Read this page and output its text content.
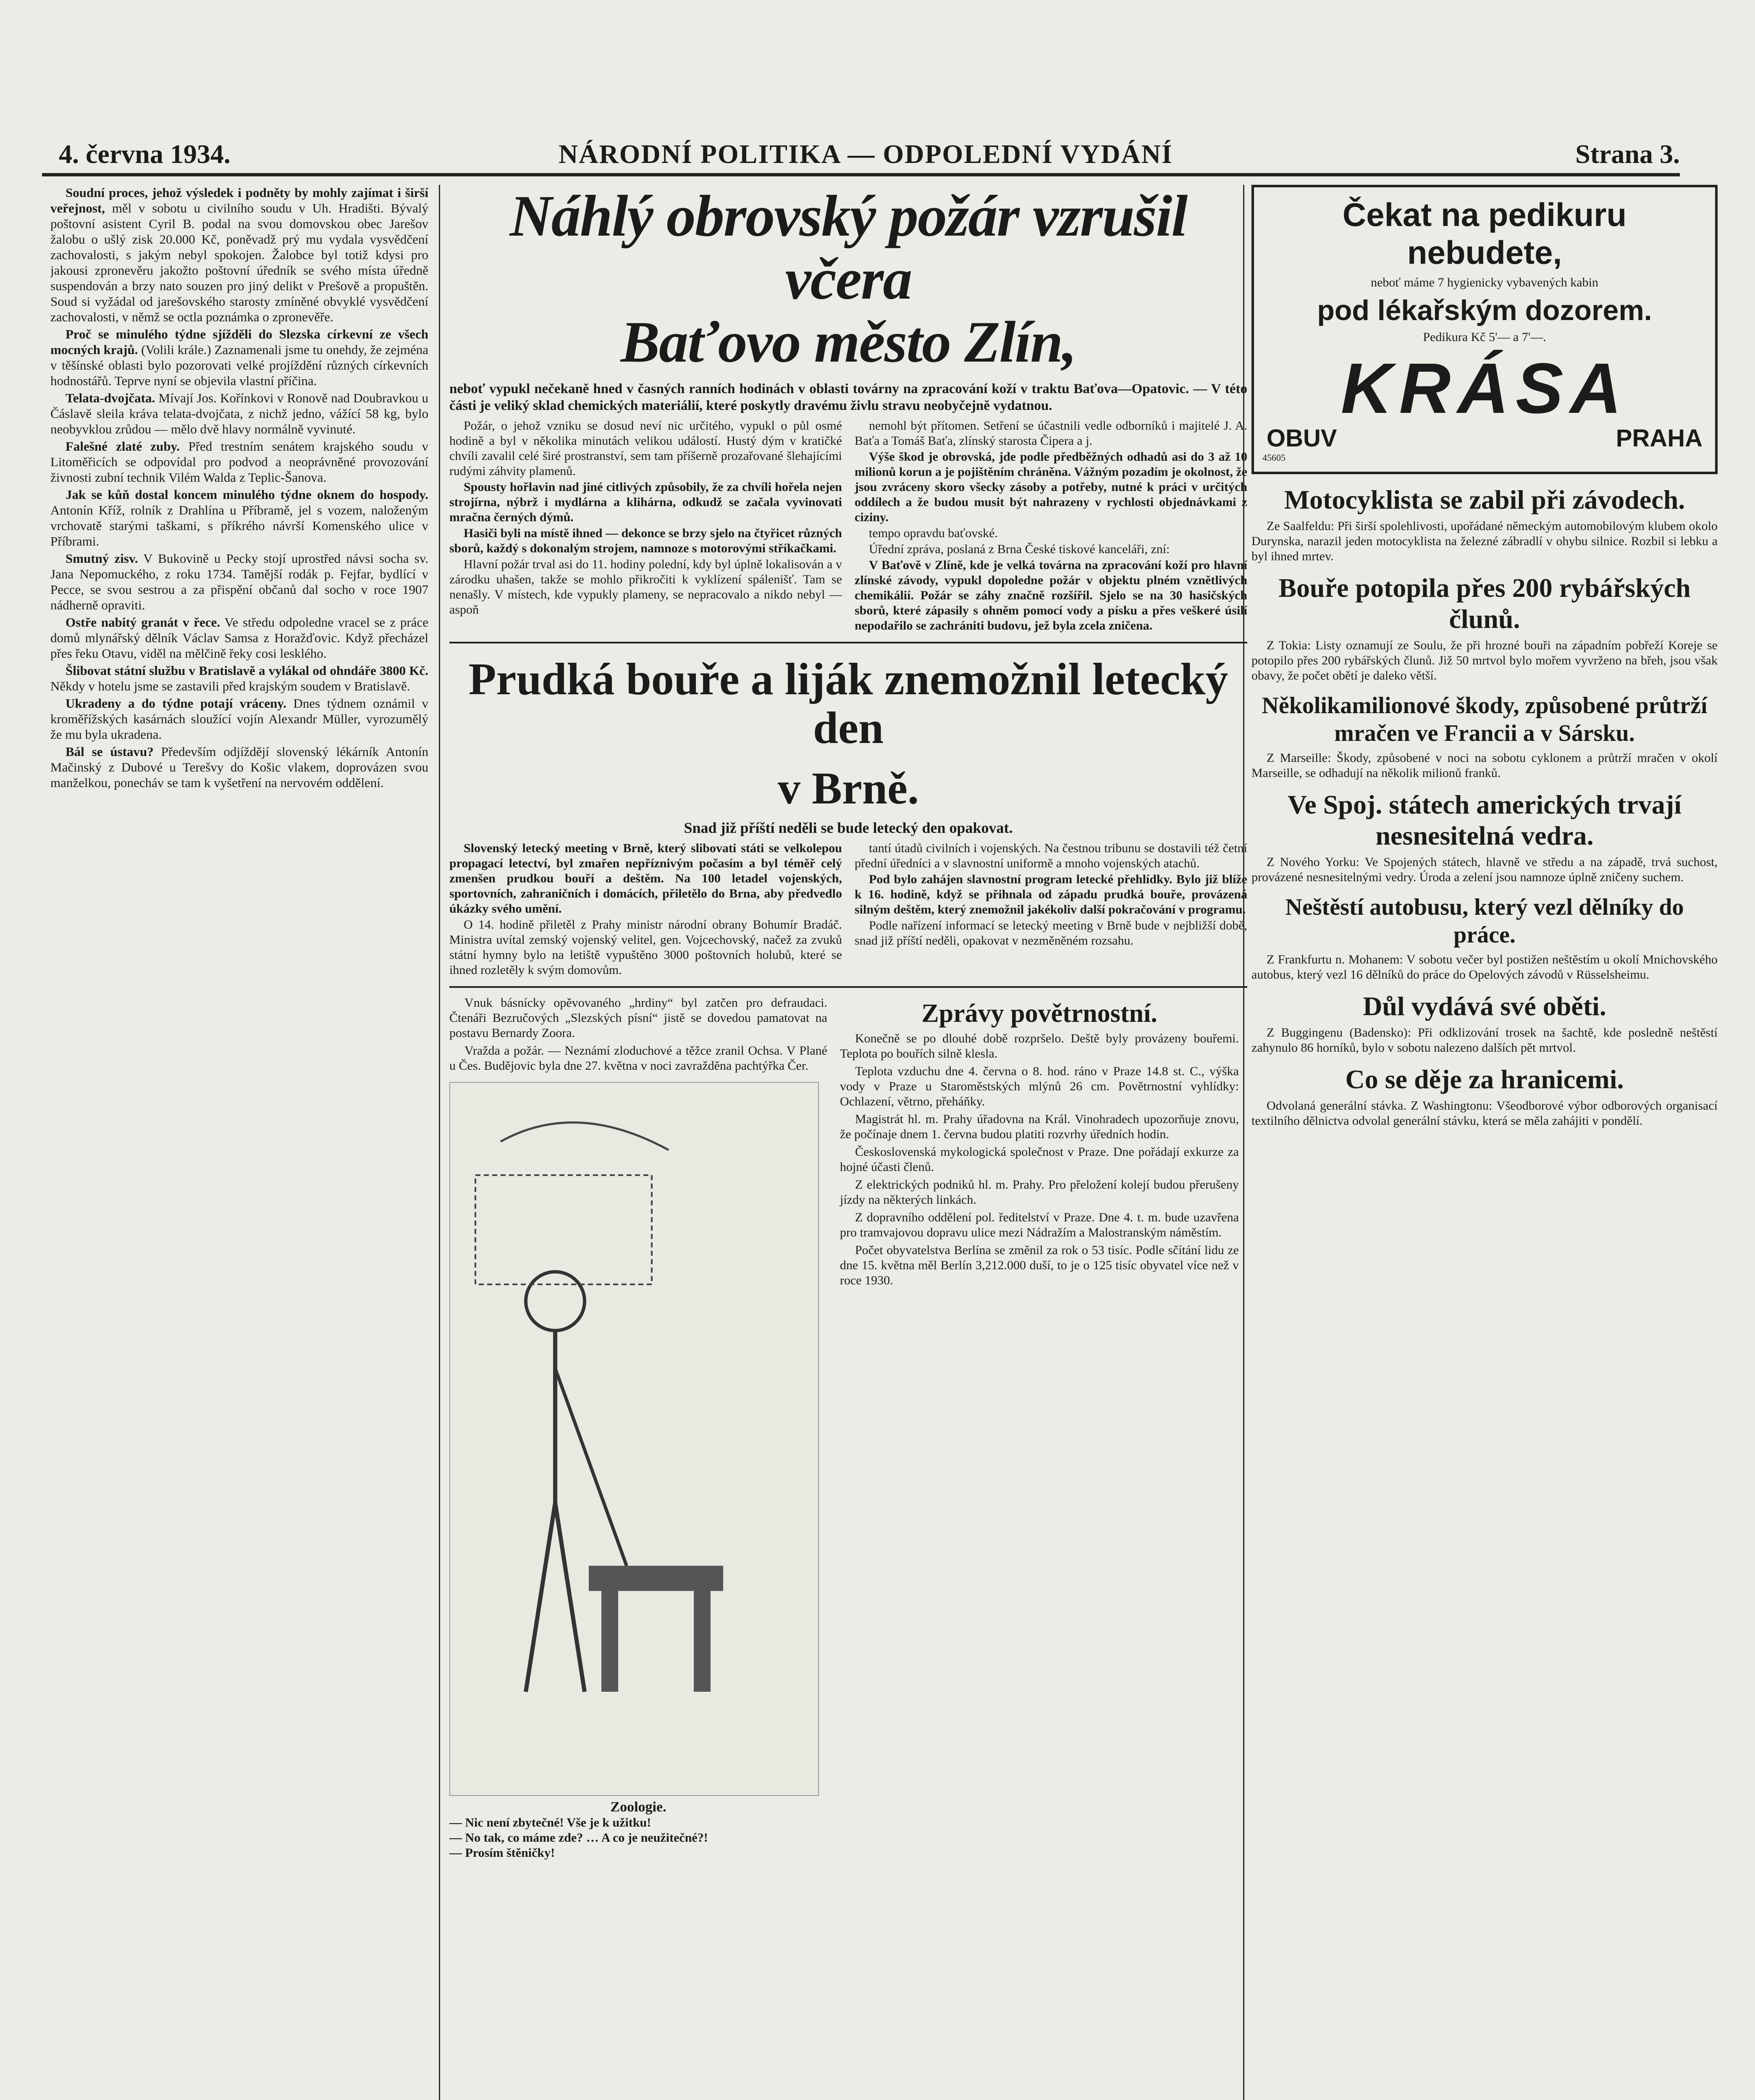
4. června 1934.	NÁRODNÍ POLITIKA — ODPOLEDNÍ VYDÁNÍ	Strana 3.

Soudní proces, jehož výsledek i podněty by mohly zajímat i širší veřejnost, měl v sobotu u civilního soudu v Uh. Hradišti. Bývalý poštovní asistent Cyril B. podal na svou domovskou obec Jarešov žalobu o ušlý zisk 20.000 Kč, poněvadž prý mu vydala vysvědčení zachovalosti, s jakým nebyl spokojen. Žalobce byl totiž kdysi pro jakousi zpronevěru jakožto poštovní úředník se svého místa úředně suspendován a brzy nato souzen pro jiný delikt v Prešově a propuštěn. Soud si vyžádal od jarešovského starosty zmíněné obvyklé vysvědčení zachovalosti, v němž se octla poznámka o zpronevěře.

Proč se minulého týdne sjížděli do Slezska církevní ze všech mocných krajů. (Volili krále.) Zaznamenali jsme tu onehdy, že zejména v těšínské oblasti bylo pozorovati velké projíždění různých církevních hodnostářů. Teprve nyní se objevila vlastní příčina.

Telata-dvojčata. Mívají Jos. Kořínkovi v Ronově nad Doubravkou u Čáslavě sleila kráva telata-dvojčata, z nichž jedno, vážící 58 kg, bylo neobyvklou zrůdou — mělo dvě hlavy normálně vyvinuté.

Falešné zlaté zuby. Před trestním senátem krajského soudu v Litoměřicích se odpovídal pro podvod a neoprávněné provozování živnosti zubní technik Vilém Walda z Teplic-Šanova.

Jak se kůň dostal koncem minulého týdne oknem do hospody. Antonín Kříž, rolník z Drahlína u Příbramě, jel s vozem, naloženým vrchovatě starými taškami, s příkrého návrší Komenského ulice v Příbrami.

Smutný zisv. V Bukovině u Pecky stojí uprostřed návsi socha sv. Jana Nepomuckého, z roku 1734. Tamější rodák p. Fejfar, bydlící v Pecce, se svou sestrou a za přispění občanů dal socho v roce 1907 nádherně opraviti.

Ostře nabitý granát v řece. Ve středu odpoledne vracel se z práce domů mlynářský dělník Václav Samsa z Horažďovic. Když přecházel přes řeku Otavu, viděl na mělčině řeky cosi lesklého.

Šlibovat státní službu v Bratislavě a vylákal od ohndáře 3800 Kč. Někdy v hotelu jsme se zastavili před krajským soudem v Bratislavě.

Ukradeny a do týdne potají vráceny. Dnes týdnem oznámil v kroměřížských kasárnách sloužící vojín Alexandr Müller, vyrozumělý že mu byla ukradena.

Bál se ústavu? Především odjíždějí slovenský lékárník Antonín Mačinský z Dubové u Terešvy do Košic vlakem, doprovázen svou manželkou, ponecháv se tam k vyšetření na nervovém oddělení.

Náhlý obrovský požár vzrušil včera
Baťovo město Zlín,
neboť vypukl nečekaně hned v časných ranních hodinách v oblasti továrny na zpracování koží v traktu Baťova—Opatovic. — V této části je veliký sklad chemických materiálií, které poskytly dravému živlu stravu neobyčejně vydatnou.

Požár, o jehož vzniku se dosud neví nic určitého, vypukl o půl osmé hodině a byl v několika minutách velikou událostí. Hustý dým v kratičké chvíli zavalil celé širé prostranství, sem tam příšerně prozařované šlehajícími rudými záhvity plamenů.

Spousty hořlavin nad jiné citlivých způsobily, že za chvíli hořela nejen strojírna, nýbrž i mydlárna a klihárna, odkudž se začala vyvinovati mračna černých dýmů.

Hasiči byli na místě ihned — dekonce se brzy sjelo na čtyřicet různých sborů, každý s dokonalým strojem, namnoze s motorovými stříkačkami.

Hlavní požár trval asi do 11. hodiny polední, kdy byl úplně lokalisován a v zárodku uhašen, takže se mohlo přikročiti k vyklízení spálenišť. Tam se nenašly. V místech, kde vypukly plameny, se nepracovalo a nikdo nebyl — aspoň

nemohl být přítomen. Setření se účastnili vedle odborníků i majitelé J. A. Baťa a Tomáš Baťa, zlínský starosta Čipera a j.

Výše škod je obrovská, jde podle předběžných odhadů asi do 3 až 10 milionů korun a je pojištěním chráněna. Vážným pozadím je okolnost, že jsou zvráceny skoro všecky zásoby a potřeby, nutné k práci v určitých oddílech a že budou musit být nahrazeny v rychlosti objednávkami z ciziny.

tempo opravdu baťovské.

Úřední zpráva, poslaná z Brna České tiskové kanceláři, zní:

V Baťově v Zlíně, kde je velká továrna na zpracování koží pro hlavní zlínské závody, vypukl dopoledne požár v objektu plném vznětlivých chemikálií. Požár se záhy značně rozšířil. Sjelo se na 30 hasičských sborů, které zápasily s ohněm pomocí vody a písku a přes veškeré úsilí nepodařilo se zachrániti budovu, jež byla zcela zničena.

Prudká bouře a liják znemožnil letecký den
v Brně.
Snad již příští neděli se bude letecký den opakovat.

Slovenský letecký meeting v Brně, který slibovati státi se velkolepou propagací letectví, byl zmařen nepříznivým počasím a byl téměř celý zmenšen prudkou bouří a deštěm. Na 100 letadel vojenských, sportovních, zahraničních i domácích, přiletělo do Brna, aby předvedlo úkázky svého umění.

O 14. hodině přiletěl z Prahy ministr národní obrany Bohumír Bradáč. Ministra uvítal zemský vojenský velitel, gen. Vojcechovský, načež za zvuků státní hymny bylo na letiště vypuštěno 3000 poštovních holubů, které se ihned rozletěly k svým domovům.

tantí útadů civilních i vojenských. Na čestnou tribunu se dostavili též četní přední úředníci a v slavnostní uniformě a mnoho vojenských atachů.

Pod bylo zahájen slavnostní program letecké přehlídky. Bylo již blíže k 16. hodině, když se přihnala od západu prudká bouře, provázená silným deštěm, který znemožnil jakékoliv další pokračování v programu.

Podle nařízení informací se letecký meeting v Brně bude v nejbližší době, snad již příští neděli, opakovat v nezměněném rozsahu.

Vnuk básnícky opěvovaného „hrdiny“ byl zatčen pro defraudaci. Čtenáři Bezručových „Slezských písní“ jistě se dovedou pamatovat na postavu Bernardy Zoora.

Vražda a požár. — Neznámí zloduchové a těžce zranil Ochsa. V Plané u Čes. Budějovic byla dne 27. května v noci zavražděna pachtýřka Čer.

Zoologie.
— Nic není zbytečné! Vše je k užitku!
— No tak, co máme zde? … A co je neužitečné?!
— Prosím štěničky!
Zprávy povětrnostní.

Konečně se po dlouhé době rozpršelo. Deště byly provázeny bouřemi. Teplota po bouřích silně klesla.

Teplota vzduchu dne 4. června o 8. hod. ráno v Praze 14.8 st. C., výška vody v Praze u Staroměstských mlýnů 26 cm. Povětrnostní vyhlídky: Ochlazení, větrno, přeháňky.

Magistrát hl. m. Prahy úřadovna na Král. Vinohradech upozorňuje znovu, že počínaje dnem 1. června budou platiti rozvrhy úředních hodin.

Československá mykologická společnost v Praze. Dne pořádají exkurze za hojné účasti členů.

Z elektrických podniků hl. m. Prahy. Pro přeložení kolejí budou přerušeny jízdy na některých linkách.

Z dopravního oddělení pol. ředitelství v Praze. Dne 4. t. m. bude uzavřena pro tramvajovou dopravu ulice mezi Nádražím a Malostranským náměstím.

Počet obyvatelstva Berlína se změnil za rok o 53 tisíc. Podle sčítání lidu ze dne 15. května měl Berlín 3,212.000 duší, to je o 125 tisíc obyvatel více než v roce 1930.

Čekat na pedikuru
nebudete,
neboť máme 7 hygienicky vybavených kabin
pod lékařským dozorem.
Pedikura Kč 5'— a 7'—.
KRÁSA
OBUV	PRAHA
45605
Motocyklista se zabil při závodech.

Ze Saalfeldu: Při širší spolehlivosti, upořádané německým automobilovým klubem okolo Durynska, narazil jeden motocyklista na železné zábradlí v ohybu silnice. Rozbil si lebku a byl ihned mrtev.

Bouře potopila přes 200 rybářských člunů.

Z Tokia: Listy oznamují ze Soulu, že při hrozné bouři na západním pobřeží Koreje se potopilo přes 200 rybářských člunů. Již 50 mrtvol bylo mořem vyvrženo na břeh, jsou však obavy, že počet obětí je daleko větší.

Několikamilionové škody, způsobené průtrží mračen ve Francii a v Sársku.

Z Marseille: Škody, způsobené v noci na sobotu cyklonem a průtrží mračen v okolí Marseille, se odhadují na několik milionů franků.

Ve Spoj. státech amerických trvají nesnesitelná vedra.

Z Nového Yorku: Ve Spojených státech, hlavně ve středu a na západě, trvá suchost, provázené nesnesitelnými vedry. Úroda a zelení jsou namnoze úplně zničeny suchem.

Neštěstí autobusu, který vezl dělníky do práce.

Z Frankfurtu n. Mohanem: V sobotu večer byl postižen neštěstím u okolí Mnichovského autobus, který vezl 16 dělníků do práce do Opelových závodů v Rüsselsheimu.

Důl vydává své oběti.

Z Buggingenu (Badensko): Při odklizování trosek na šachtě, kde posledně neštěstí zahynulo 86 horníků, bylo v sobotu nalezeno dalších pět mrtvol.

Co se děje za hranicemi.

Odvolaná generální stávka. Z Washingtonu: Všeodborové výbor odborových organisací textilního dělnictva odvolal generální stávku, která se měla zahájiti v pondělí.
